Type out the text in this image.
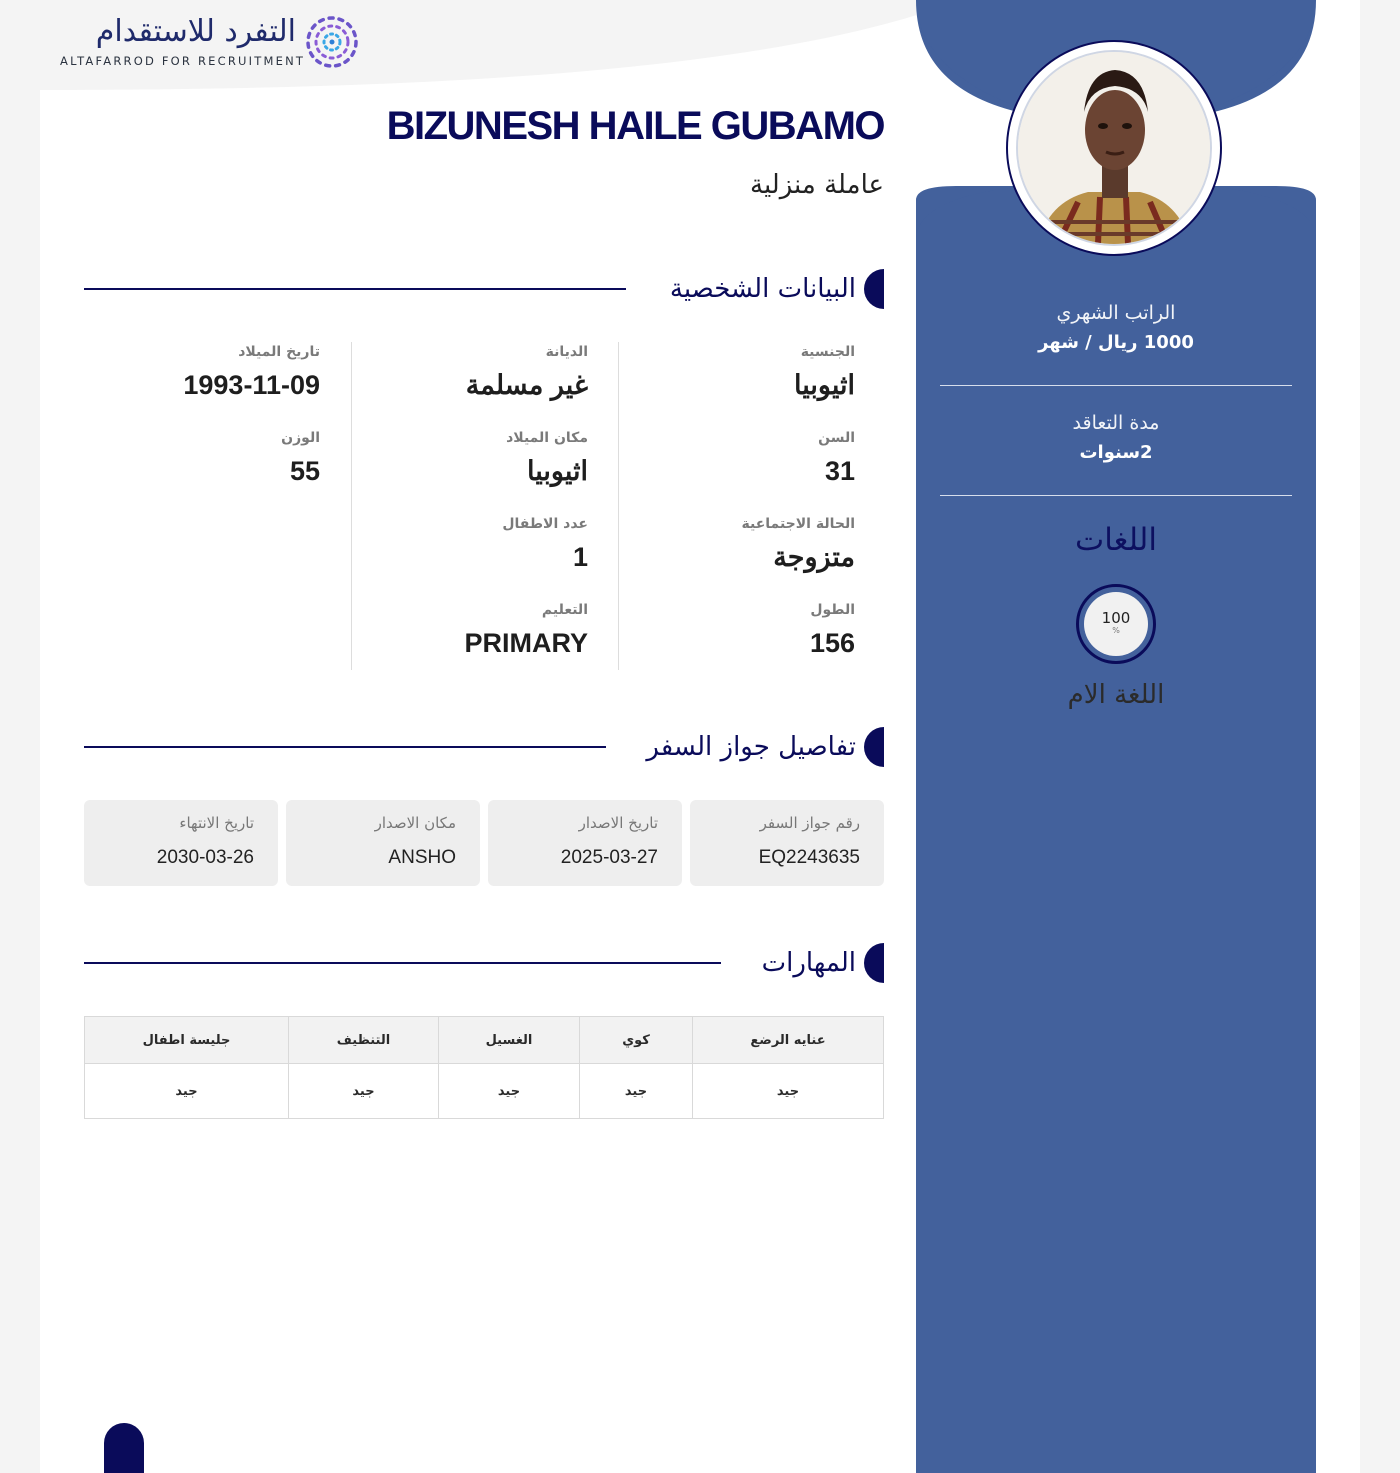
التفرد للاستقدام
ALTAFARROD FOR RECRUITMENT
BIZUNESH HAILE GUBAMO
عاملة منزلية
البيانات الشخصية
الجنسية
اثيوبيا
السن
31
الحالة الاجتماعية
متزوجة
الطول
156
الديانة
غير مسلمة
مكان الميلاد
اثيوبيا
عدد الاطفال
1
التعليم
PRIMARY
تاريخ الميلاد
1993-11-09
الوزن
55
تفاصيل جواز السفر
رقم جواز السفر
EQ2243635
تاريخ الاصدار
2025-03-27
مكان الاصدار
ANSHO
تاريخ الانتهاء
2030-03-26
المهارات
عنايه الرضع	كوي	الغسيل	التنظيف	جليسة اطفال
جيد	جيد	جيد	جيد	جيد
الراتب الشهري
1000 ريال / شهر
مدة التعاقد
2سنوات
اللغات
100
%
اللغة الام
